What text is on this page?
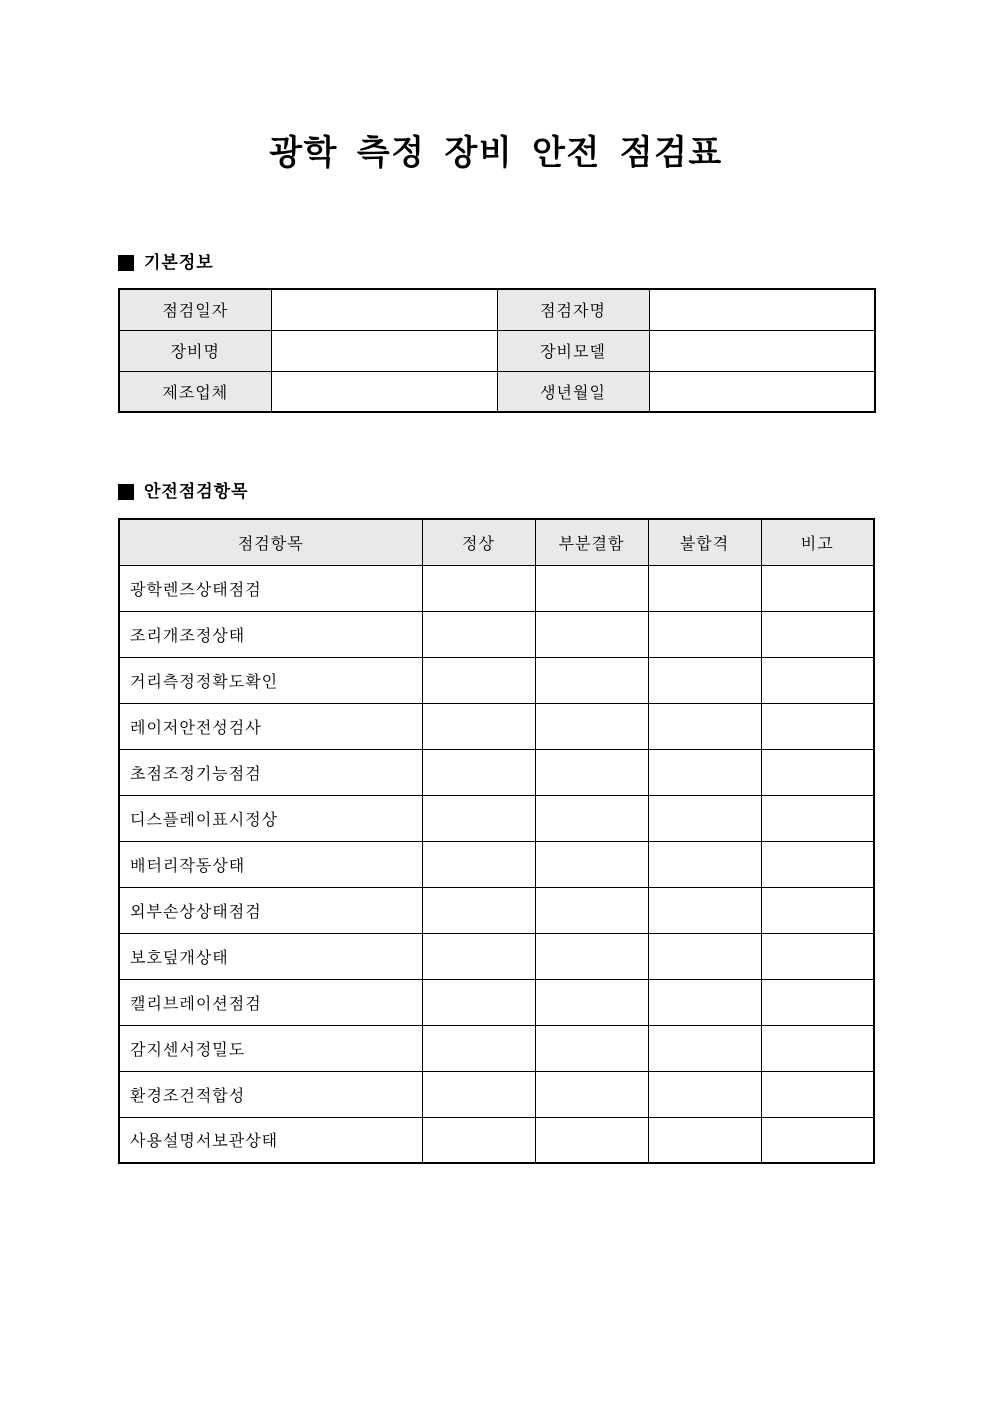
광학 측정 장비 안전 점검표
기본정보
점검일자		점검자명	
장비명		장비모델	
제조업체		생년월일	
안전점검항목
점검항목	정상	부분결함	불합격	비고
광학렌즈상태점검				
조리개조정상태				
거리측정정확도확인				
레이저안전성검사				
초점조정기능점검				
디스플레이표시정상				
배터리작동상태				
외부손상상태점검				
보호덮개상태				
캘리브레이션점검				
감지센서정밀도				
환경조건적합성				
사용설명서보관상태				
